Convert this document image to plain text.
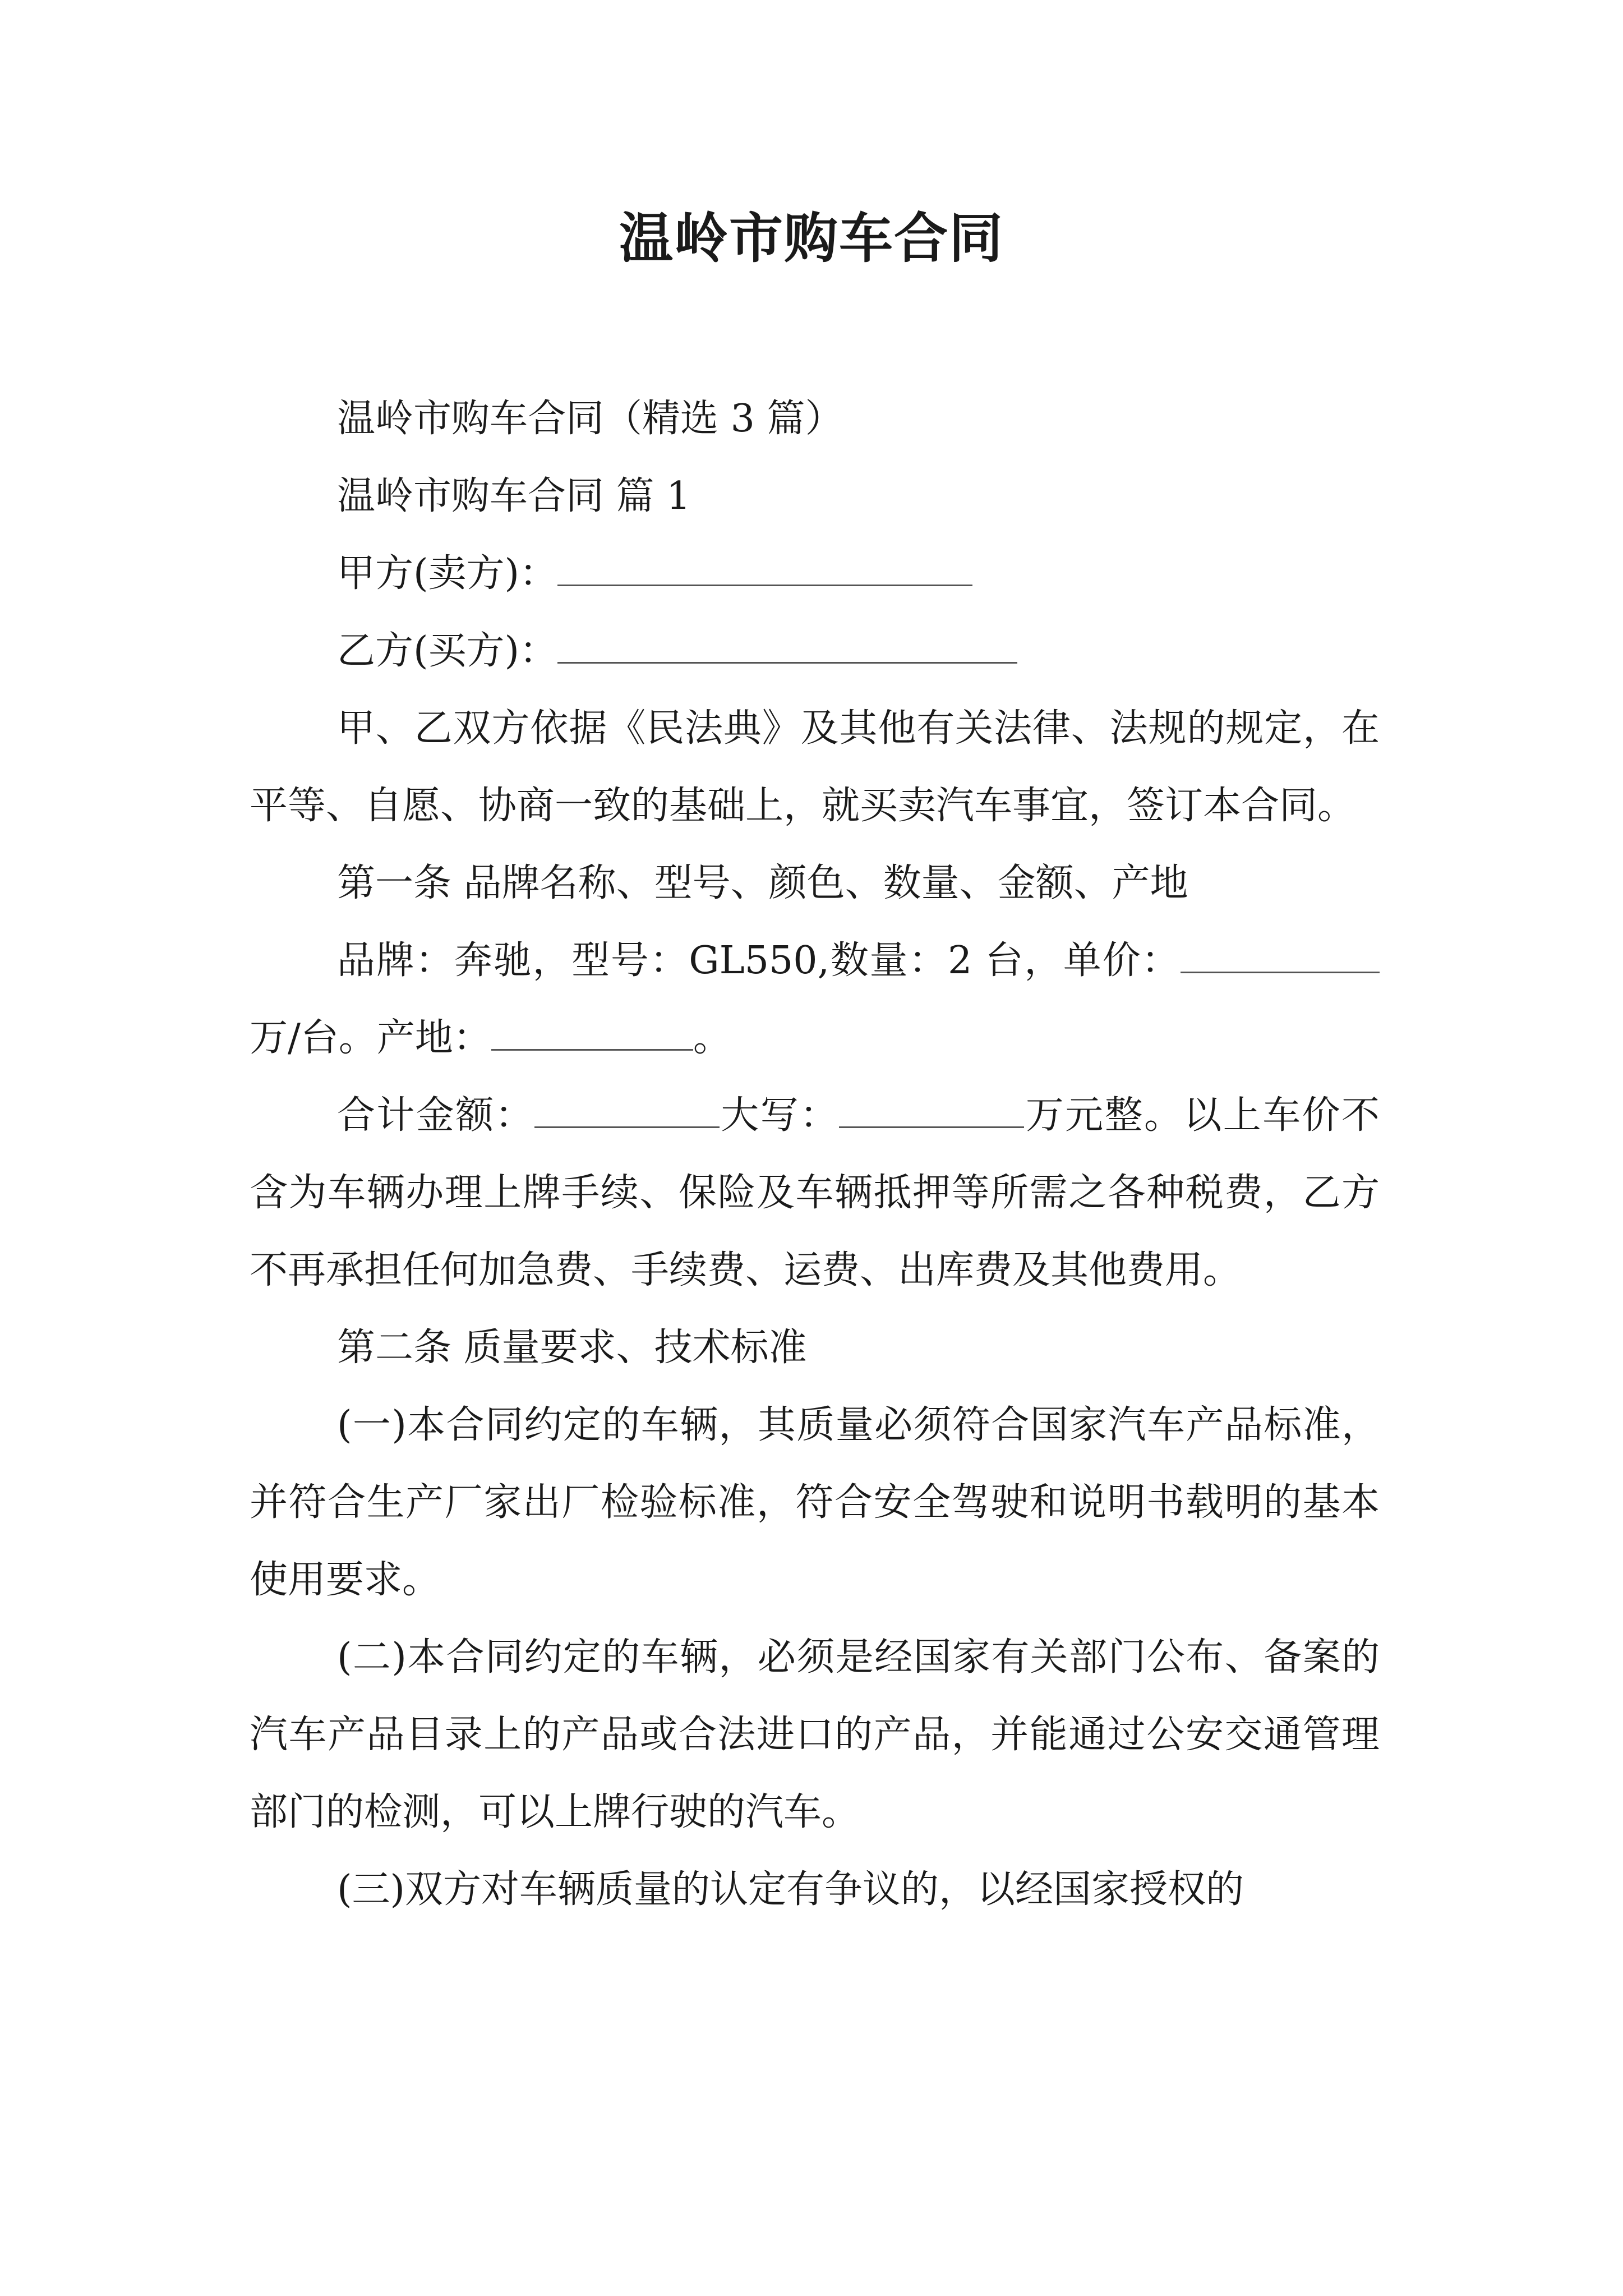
温岭市购车合同

温岭市购车合同（精选 3 篇）

温岭市购车合同 篇 1

甲方(卖方)：

乙方(买方)：

甲、乙双方依据《民法典》及其他有关法律、法规的规定，在平等、自愿、协商一致的基础上，就买卖汽车事宜，签订本合同。

第一条 品牌名称、型号、颜色、数量、金额、产地

品牌：奔驰，型号：GL550,数量：2 台，单价：万/台。产地：	。

合计金额：	大写：	万元整。以上车价不含为车辆办理上牌手续、保险及车辆抵押等所需之各种税费，乙方不再承担任何加急费、手续费、运费、出库费及其他费用。

第二条 质量要求、技术标准

(一)本合同约定的车辆，其质量必须符合国家汽车产品标准，并符合生产厂家出厂检验标准，符合安全驾驶和说明书载明的基本使用要求。

(二)本合同约定的车辆，必须是经国家有关部门公布、备案的汽车产品目录上的产品或合法进口的产品，并能通过公安交通管理部门的检测，可以上牌行驶的汽车。

(三)双方对车辆质量的认定有争议的，以经国家授权的
